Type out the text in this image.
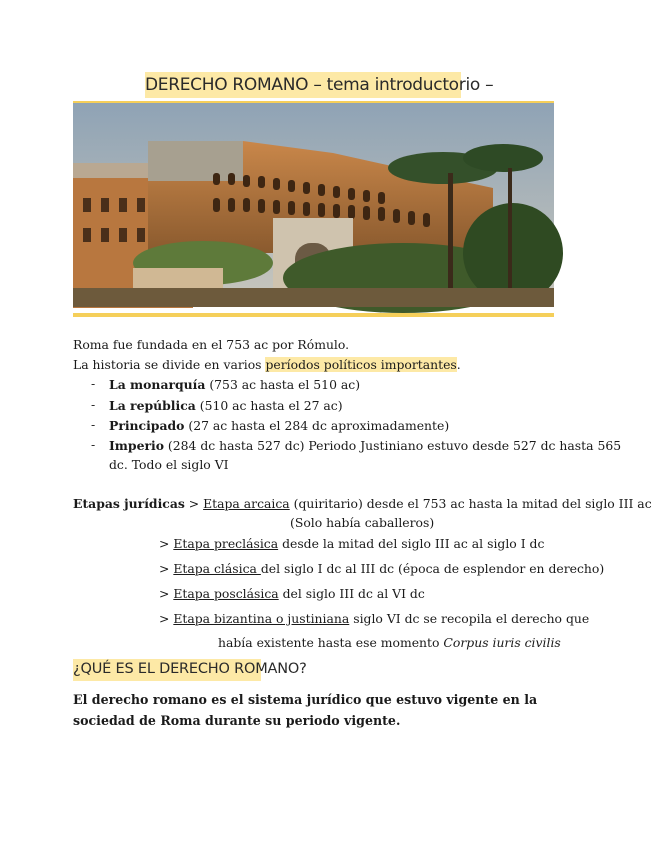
DERECHO ROMANO – tema introductorio –
Roma fue fundada en el 753 ac por Rómulo.
La historia se divide en varios períodos políticos importantes.
- La monarquía (753 ac hasta el 510 ac)
- La república (510 ac hasta el 27 ac)
- Principado (27 ac hasta el 284 dc aproximadamente)
- Imperio (284 dc hasta 527 dc) Periodo Justiniano estuvo desde 527 dc hasta 565
dc. Todo el siglo VI
Etapas jurídicas > Etapa arcaica (quiritario) desde el 753 ac hasta la mitad del siglo III ac
(Solo había caballeros)
> Etapa preclásica desde la mitad del siglo III ac al siglo I dc
> Etapa clásica del siglo I dc al III dc (época de esplendor en derecho)
> Etapa posclásica del siglo III dc al VI dc
> Etapa bizantina o justiniana siglo VI dc se recopila el derecho que
había existente hasta ese momento Corpus iuris civilis
¿QUÉ ES EL DERECHO ROMANO?
El derecho romano es el sistema jurídico que estuvo vigente en la sociedad de Roma durante su periodo vigente.
